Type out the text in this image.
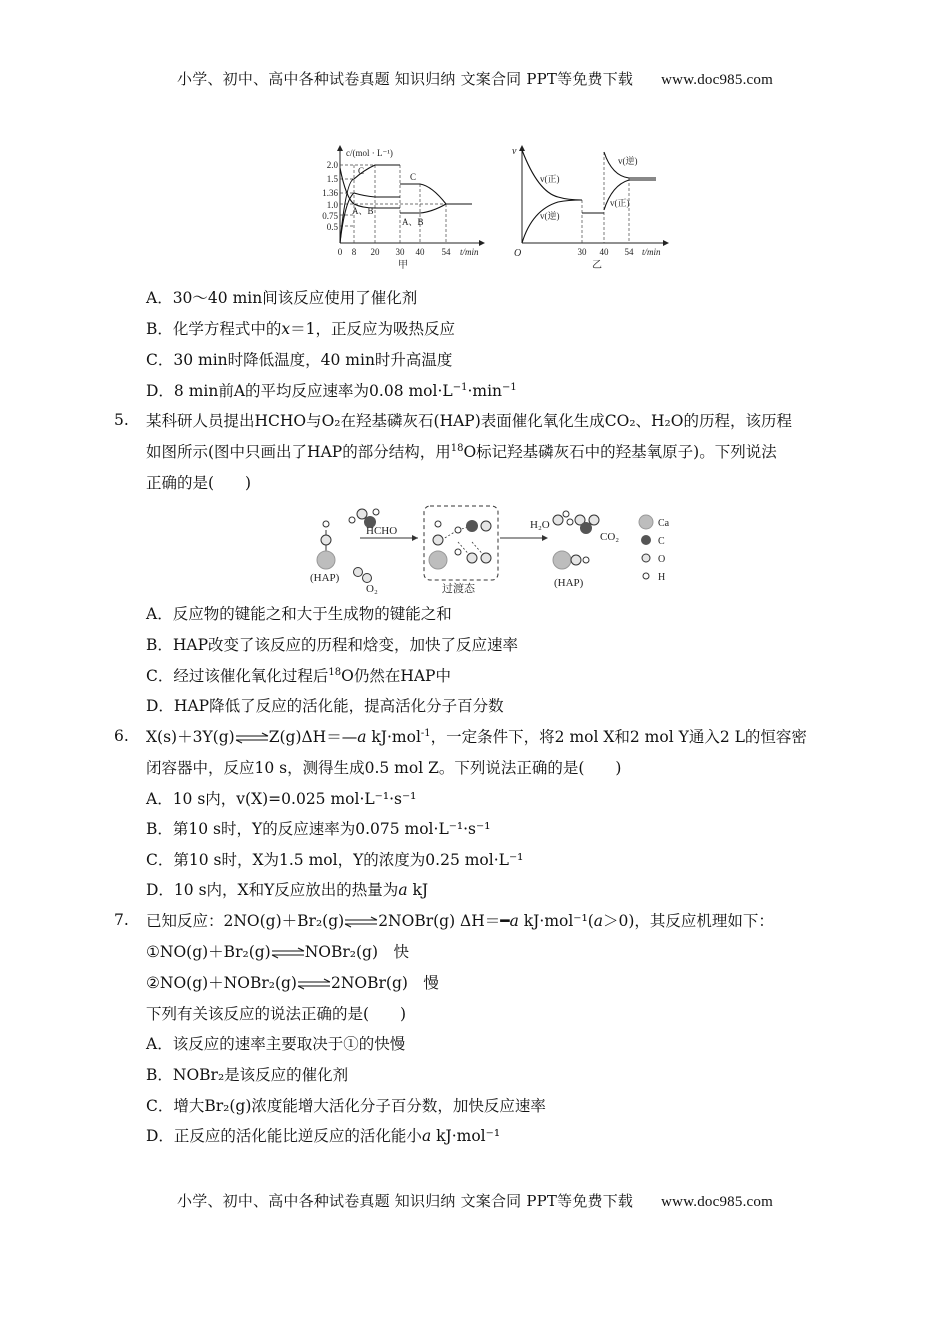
小学、初中、高中各种试卷真题 知识归纳 文案合同 PPT等免费下载 www.doc985.com
c/(mol · L⁻¹)
2.0
1.5
1.36
1.0
0.75
0.5
C
A、B
C
A、B
0 8 20 30 40 54 t/min
甲
v
O
v(正)
v(逆)
v(逆)
v(正)
30 40 54 t/min
乙
A．30～40 min间该反应使用了催化剂
B．化学方程式中的x＝1，正反应为吸热反应
C．30 min时降低温度，40 min时升高温度
D．8 min前A的平均反应速率为0.08 $mol\cdot L^{-1}\cdot\min^{-1}$
5. 某科研人员提出HCHO与O₂在羟基磷灰石(HAP)表面催化氧化生成CO₂、H₂O的历程，该历程
如图所示(图中只画出了HAP的部分结构，用$^{18}$O标记羟基磷灰石中的羟基氧原子)。下列说法
正确的是(　　)
(HAP)
O₂
HCHO
过渡态
H₂O
CO₂
(HAP)
Ca
C
O
H
A．反应物的键能之和大于生成物的键能之和
B．HAP改变了该反应的历程和焓变，加快了反应速率
C．经过该催化氧化过程后$^{18}$O仍然在HAP中
D．HAP降低了反应的活化能，提高活化分子百分数
6. X(s)＋3Y(g)⇌Z(g)ΔH＝—a kJ·mol$^{-1}$，一定条件下，将2 mol X和2 mol Y通入2 L的恒容密
闭容器中，反应10 s，测得生成0.5 mol Z。下列说法正确的是(　　)
A．10 s内，v(X)=0.025 mol·L⁻¹·s⁻¹
B．第10 s时，Y的反应速率为0.075 mol·L⁻¹·s⁻¹
C．第10 s时，X为1.5 mol，Y的浓度为0.25 mol·L⁻¹
D．10 s内，X和Y反应放出的热量为a kJ
7. 已知反应：2NO(g)＋Br₂(g)⇌2NOBr(g) ΔH＝━a kJ·mol⁻¹(a＞0)，其反应机理如下：
①NO(g)＋Br₂(g)⇌NOBr₂(g)　快
②NO(g)＋NOBr₂(g)⇌2NOBr(g)　慢
下列有关该反应的说法正确的是(　　)
A．该反应的速率主要取决于①的快慢
B．NOBr₂是该反应的催化剂
C．增大Br₂(g)浓度能增大活化分子百分数，加快反应速率
D．正反应的活化能比逆反应的活化能小a kJ·mol⁻¹
小学、初中、高中各种试卷真题 知识归纳 文案合同 PPT等免费下载 www.doc985.com
